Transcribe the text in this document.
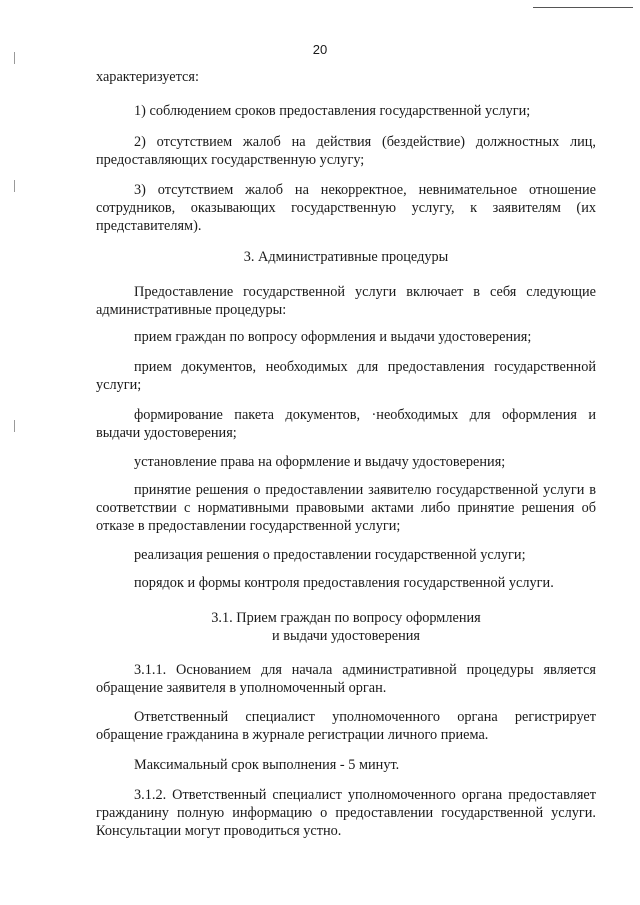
20

характеризуется:

1) соблюдением сроков предоставления государственной услуги;

2) отсутствием жалоб на действия (бездействие) должностных лиц, предоставляющих государственную услугу;

3) отсутствием жалоб на некорректное, невнимательное отношение сотрудников, оказывающих государственную услугу, к заявителям (их представителям).

3. Административные процедуры

Предоставление государственной услуги включает в себя следующие административные процедуры:

прием граждан по вопросу оформления и выдачи удостоверения;

прием документов, необходимых для предоставления государственной услуги;

формирование пакета документов, ·необходимых для оформления и выдачи удостоверения;

установление права на оформление и выдачу удостоверения;

принятие решения о предоставлении заявителю государственной услуги в соответствии с нормативными правовыми актами либо принятие решения об отказе в предоставлении государственной услуги;

реализация решения о предоставлении государственной услуги;

порядок и формы контроля предоставления государственной услуги.

3.1. Прием граждан по вопросу оформления

и выдачи удостоверения

3.1.1. Основанием для начала административной процедуры является обращение заявителя в уполномоченный орган.

Ответственный специалист уполномоченного органа регистрирует обращение гражданина в журнале регистрации личного приема.

Максимальный срок выполнения - 5 минут.

3.1.2. Ответственный специалист уполномоченного органа предоставляет гражданину полную информацию о предоставлении государственной услуги. Консультации могут проводиться устно.
